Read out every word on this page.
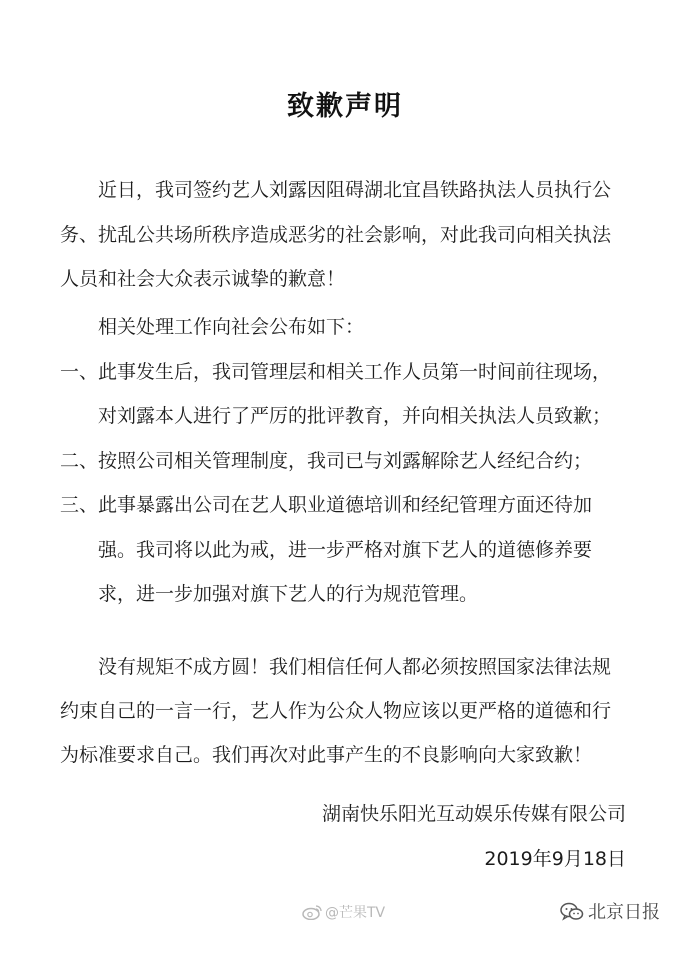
致歉声明
　　近日，我司签约艺人刘露因阻碍湖北宜昌铁路执法人员执行公
务、扰乱公共场所秩序造成恶劣的社会影响，对此我司向相关执法
人员和社会大众表示诚挚的歉意！
　　相关处理工作向社会公布如下：
一、此事发生后，我司管理层和相关工作人员第一时间前往现场，
　　对刘露本人进行了严厉的批评教育，并向相关执法人员致歉；
二、按照公司相关管理制度，我司已与刘露解除艺人经纪合约；
三、此事暴露出公司在艺人职业道德培训和经纪管理方面还待加
　　强。我司将以此为戒，进一步严格对旗下艺人的道德修养要
　　求，进一步加强对旗下艺人的行为规范管理。
　　没有规矩不成方圆！我们相信任何人都必须按照国家法律法规
约束自己的一言一行，艺人作为公众人物应该以更严格的道德和行
为标准要求自己。我们再次对此事产生的不良影响向大家致歉！
湖南快乐阳光互动娱乐传媒有限公司
2019年9月18日
@芒果TV	北京日报
